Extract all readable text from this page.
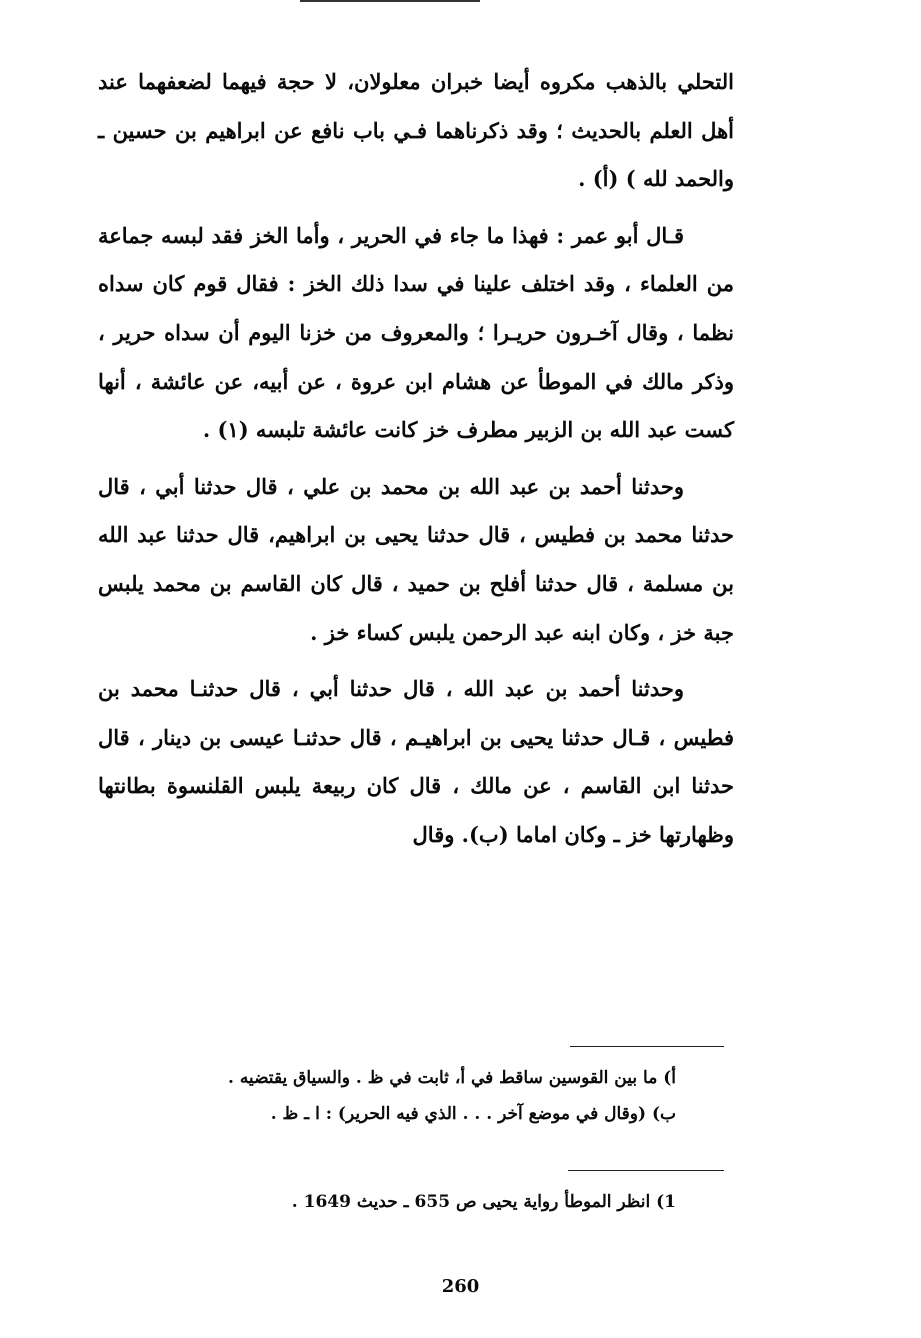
التحلي بالذهب مكروه أيضا خبران معلولان، لا حجة فيهما لضعفهما عند أهل العلم بالحديث ؛ وقد ذكرناهما فـي باب نافع عن ابراهيم بن حسين ـ والحمد لله ) (أ) .

قـال أبو عمر : فهذا ما جاء في الحرير ، وأما الخز فقد لبسه جماعة من العلماء ، وقد اختلف علينا في سدا ذلك الخز : فقال قوم كان سداه نظما ، وقال آخـرون حريـرا ؛ والمعروف من خزنا اليوم أن سداه حرير ، وذكر مالك في الموطأ عن هشام ابن عروة ، عن أبيه، عن عائشة ، أنها كست عبد الله بن الزبير مطرف خز كانت عائشة تلبسه (١) .

وحدثنا أحمد بن عبد الله بن محمد بن علي ، قال حدثنا أبي ، قال حدثنا محمد بن فطيس ، قال حدثنا يحيى بن ابراهيم، قال حدثنا عبد الله بن مسلمة ، قال حدثنا أفلح بن حميد ، قال كان القاسم بن محمد يلبس جبة خز ، وكان ابنه عبد الرحمن يلبس كساء خز .

وحدثنا أحمد بن عبد الله ، قال حدثنا أبي ، قال حدثنـا محمد بن فطيس ، قـال حدثنا يحيى بن ابراهيـم ، قال حدثنـا عيسى بن دينار ، قال حدثنا ابن القاسم ، عن مالك ، قال كان ربيعة يلبس القلنسوة بطانتها وظهارتها خز ـ وكان اماما (ب). وقال

أ) ما بين القوسين ساقط في أ، ثابت في ظ . والسياق يقتضيه .
ب) (وقال في موضع آخر . . . الذي فيه الحرير) : ا ـ ظ .
1) انظر الموطأ رواية يحيى ص 655 ـ حديث 1649 .
260
